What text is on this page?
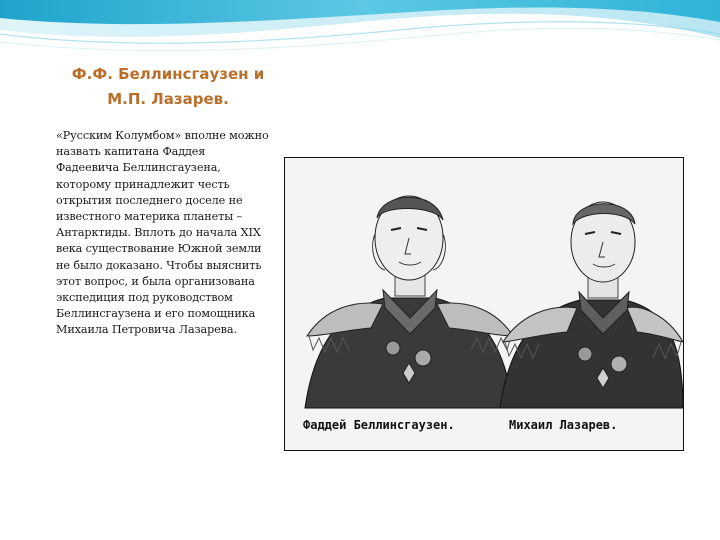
Ф.Ф. Беллинсгаузен и
М.П. Лазарев.
«Русским Колумбом» вполне можно назвать капитана Фаддея Фадеевича Беллинсгаузена, которому принадлежит честь открытия последнего доселе не известного материка планеты – Антарктиды. Вплоть до начала XIX века существование Южной земли не было доказано. Чтобы выяснить этот вопрос, и была организована экспедиция под руководством Беллинсгаузена и его помощника Михаила Петровича Лазарева.
Фаддей Беллинсгаузен.	Михаил Лазарев.
